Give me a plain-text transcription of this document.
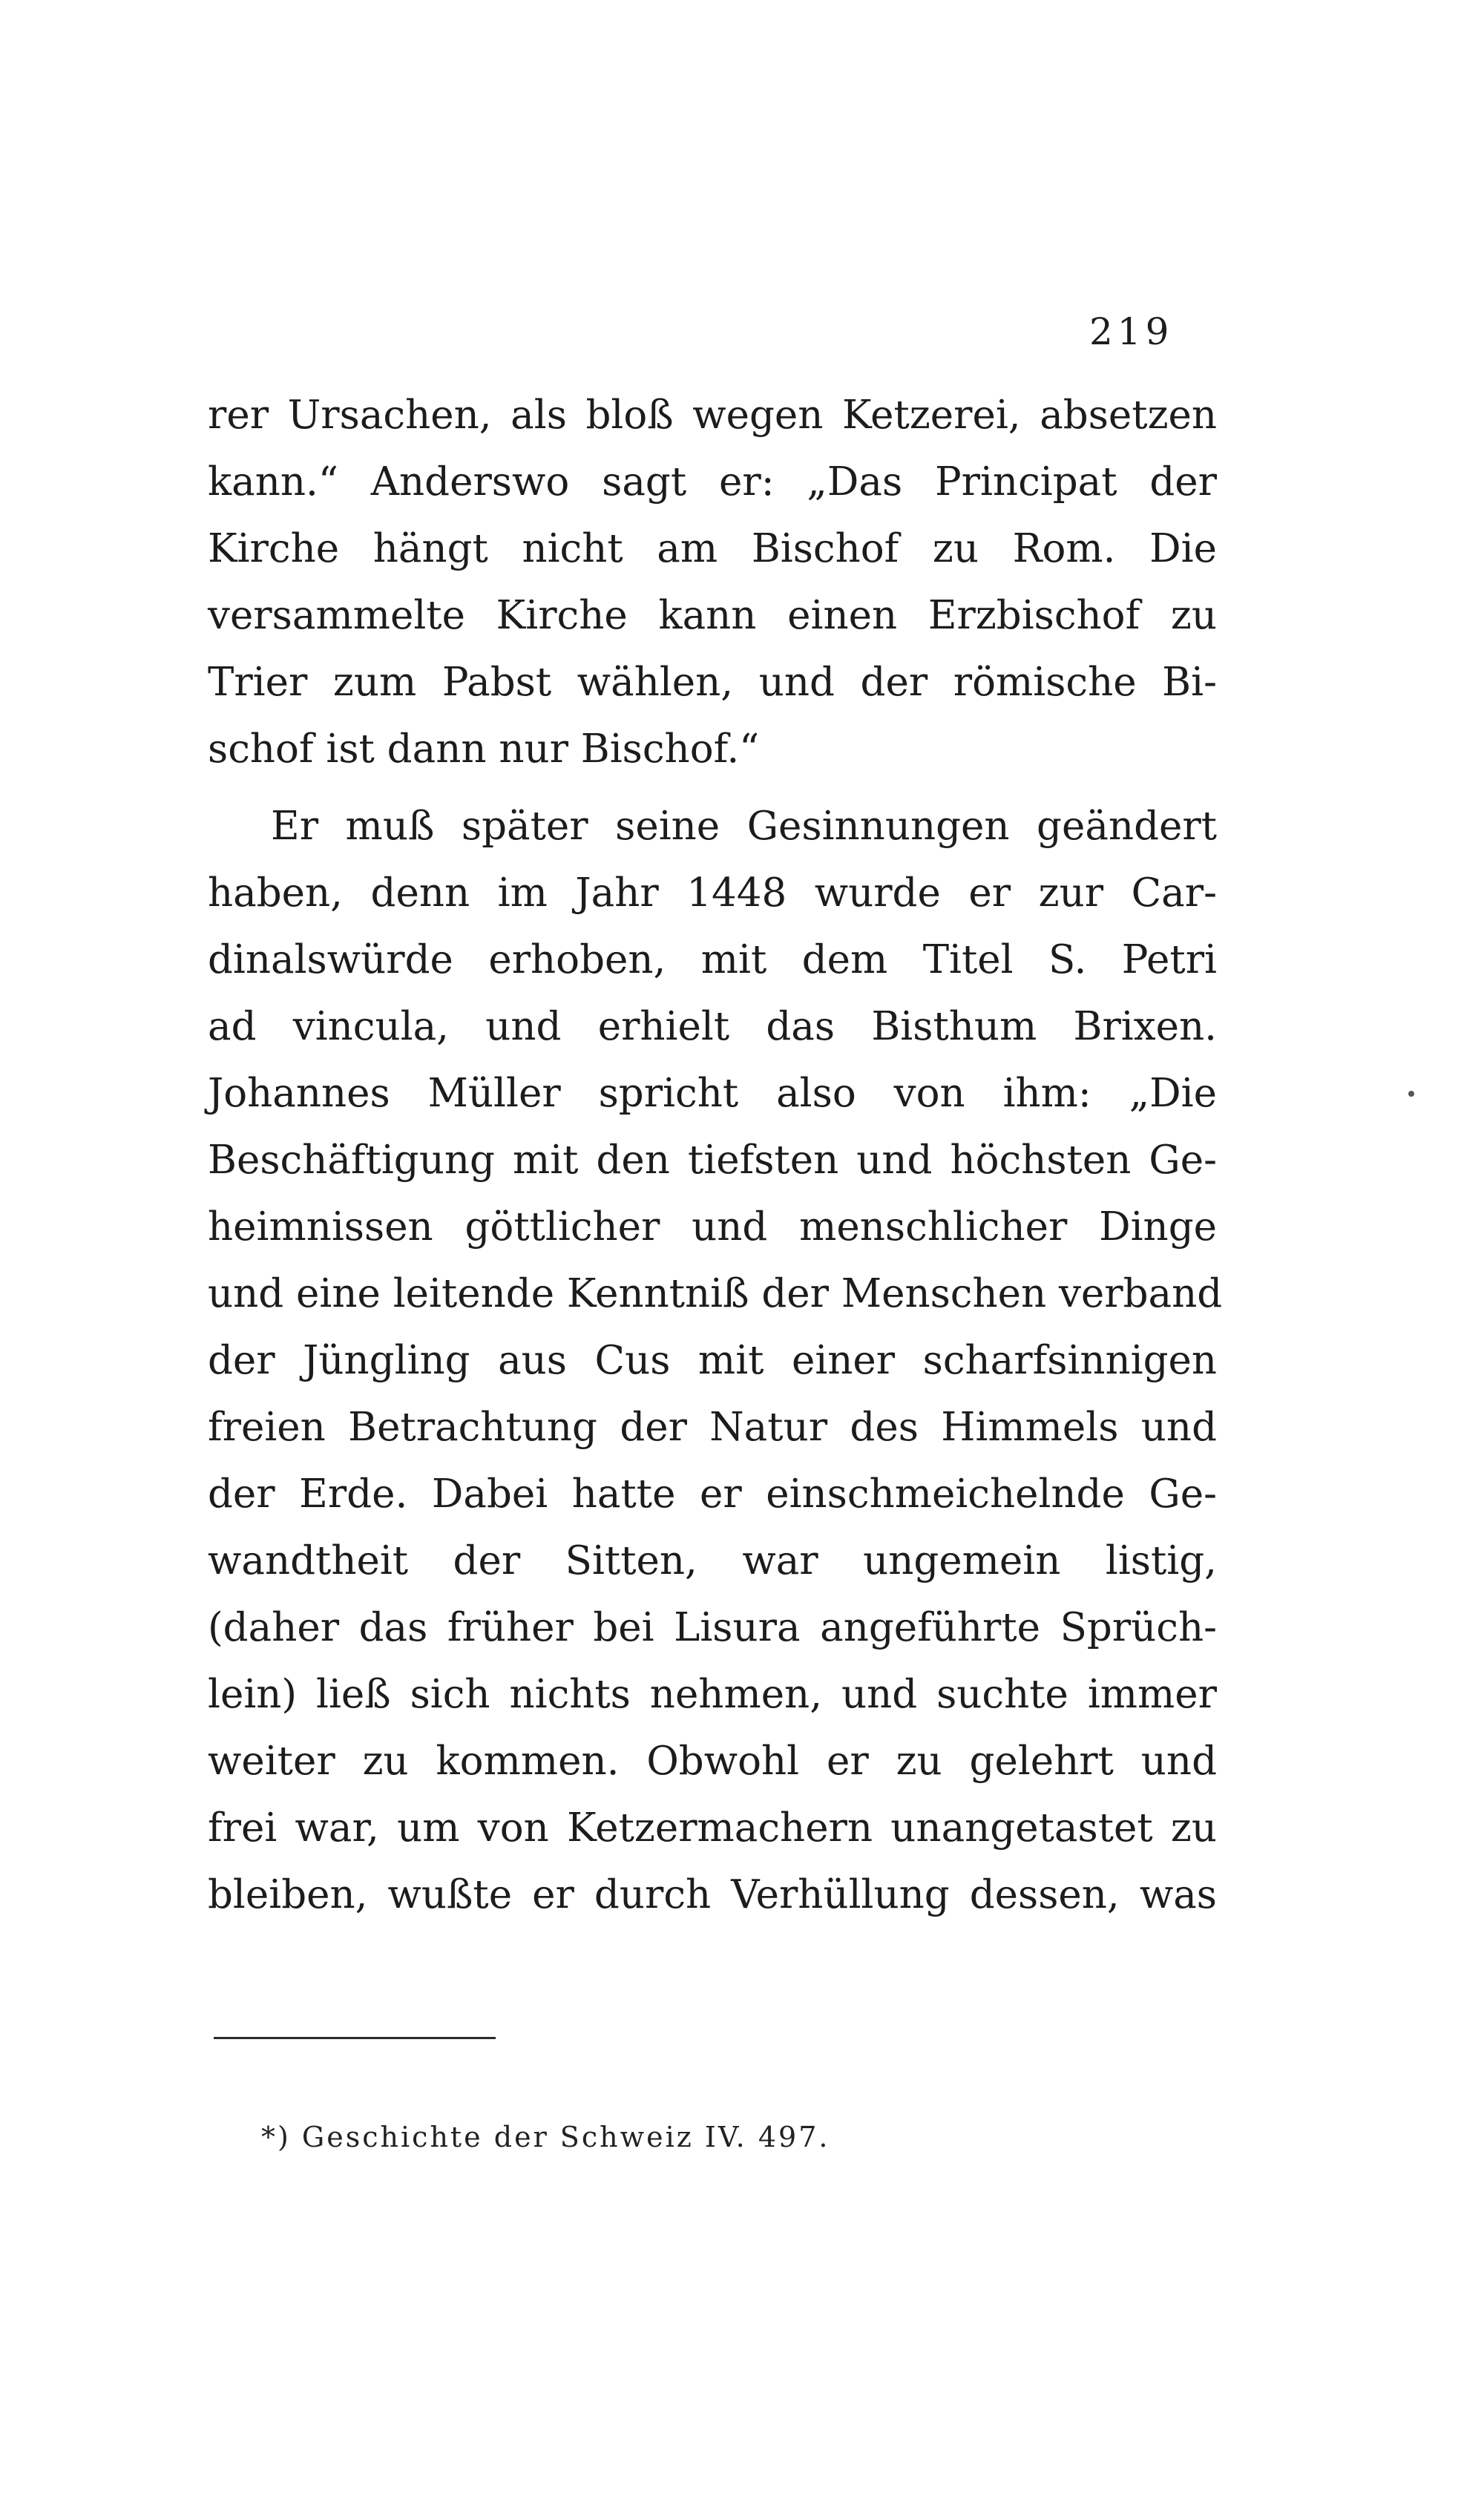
219
rer Ursachen, als bloß wegen Ketzerei, absetzen
kann.“ Anderswo sagt er: „Das Principat der
Kirche hängt nicht am Bischof zu Rom. Die
versammelte Kirche kann einen Erzbischof zu
Trier zum Pabst wählen, und der römische Bi-
schof ist dann nur Bischof.“
Er muß später seine Gesinnungen geändert
haben, denn im Jahr 1448 wurde er zur Car-
dinalswürde erhoben, mit dem Titel S. Petri
ad vincula, und erhielt das Bisthum Brixen.
Johannes Müller spricht also von ihm: „Die
Beschäftigung mit den tiefsten und höchsten Ge-
heimnissen göttlicher und menschlicher Dinge
und eine leitende Kenntniß der Menschen verband
der Jüngling aus Cus mit einer scharfsinnigen
freien Betrachtung der Natur des Himmels und
der Erde. Dabei hatte er einschmeichelnde Ge-
wandtheit der Sitten, war ungemein listig,
(daher das früher bei Lisura angeführte Sprüch-
lein) ließ sich nichts nehmen, und suchte immer
weiter zu kommen. Obwohl er zu gelehrt und
frei war, um von Ketzermachern unangetastet zu
bleiben, wußte er durch Verhüllung dessen, was
*) Geschichte der Schweiz IV. 497.
